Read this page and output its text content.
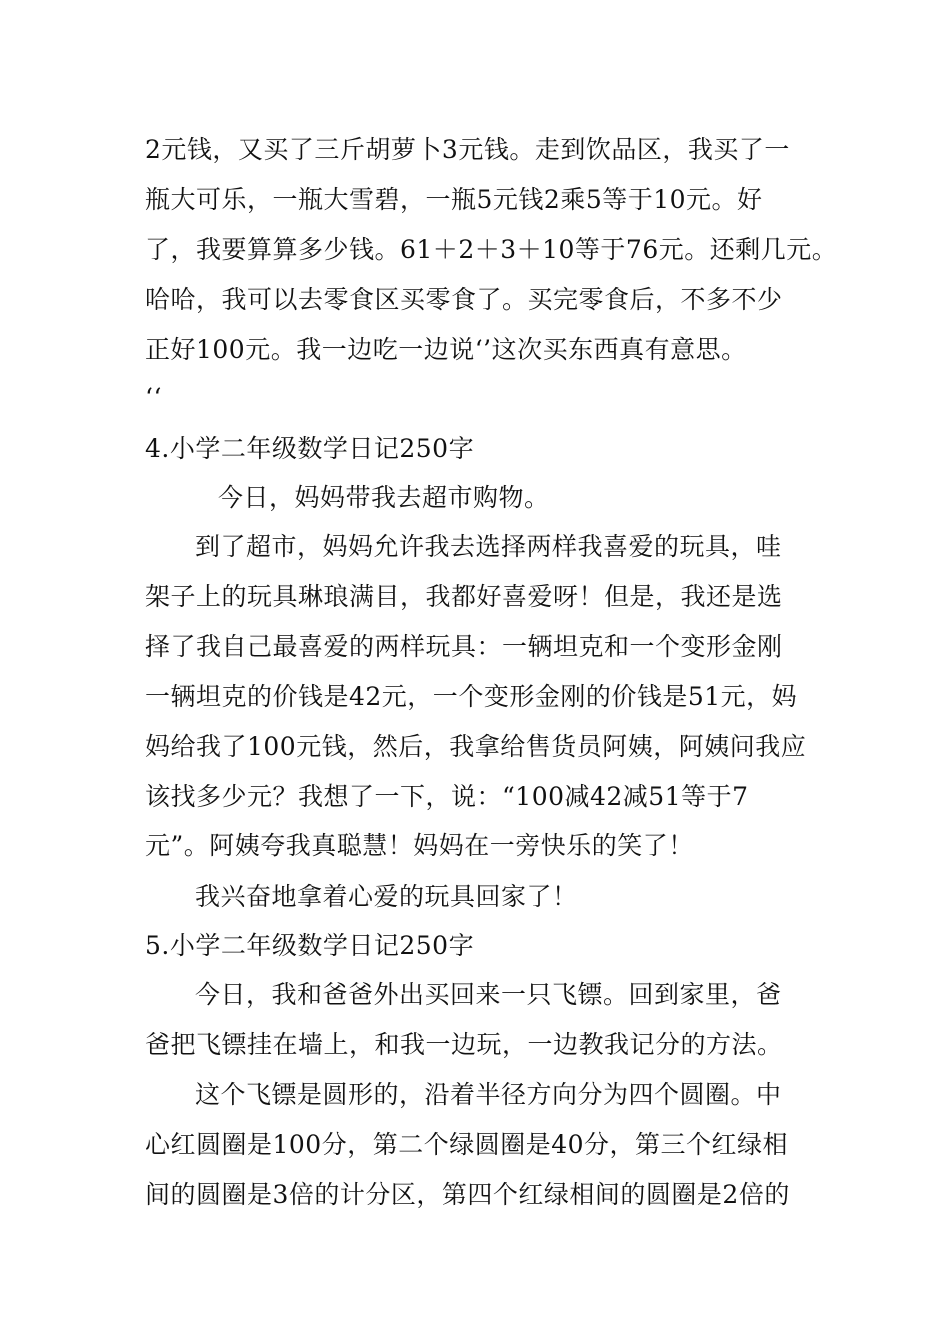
2元钱，又买了三斤胡萝卜3元钱。走到饮品区，我买了一
瓶大可乐，一瓶大雪碧，一瓶5元钱2乘5等于10元。好
了，我要算算多少钱。61＋2＋3＋10等于76元。还剩几元。
哈哈，我可以去零食区买零食了。买完零食后，不多不少
正好100元。我一边吃一边说‘’这次买东西真有意思。
‘‘
4.小学二年级数学日记250字
今日，妈妈带我去超市购物。
到了超市，妈妈允许我去选择两样我喜爱的玩具，哇
架子上的玩具琳琅满目，我都好喜爱呀！但是，我还是选
择了我自己最喜爱的两样玩具：一辆坦克和一个变形金刚
一辆坦克的价钱是42元，一个变形金刚的价钱是51元，妈
妈给我了100元钱，然后，我拿给售货员阿姨，阿姨问我应
该找多少元？我想了一下，说：“100减42减51等于7
元”。阿姨夸我真聪慧！妈妈在一旁快乐的笑了！
我兴奋地拿着心爱的玩具回家了！
5.小学二年级数学日记250字
今日，我和爸爸外出买回来一只飞镖。回到家里，爸
爸把飞镖挂在墙上，和我一边玩，一边教我记分的方法。
这个飞镖是圆形的，沿着半径方向分为四个圆圈。中
心红圆圈是100分，第二个绿圆圈是40分，第三个红绿相
间的圆圈是3倍的计分区，第四个红绿相间的圆圈是2倍的
